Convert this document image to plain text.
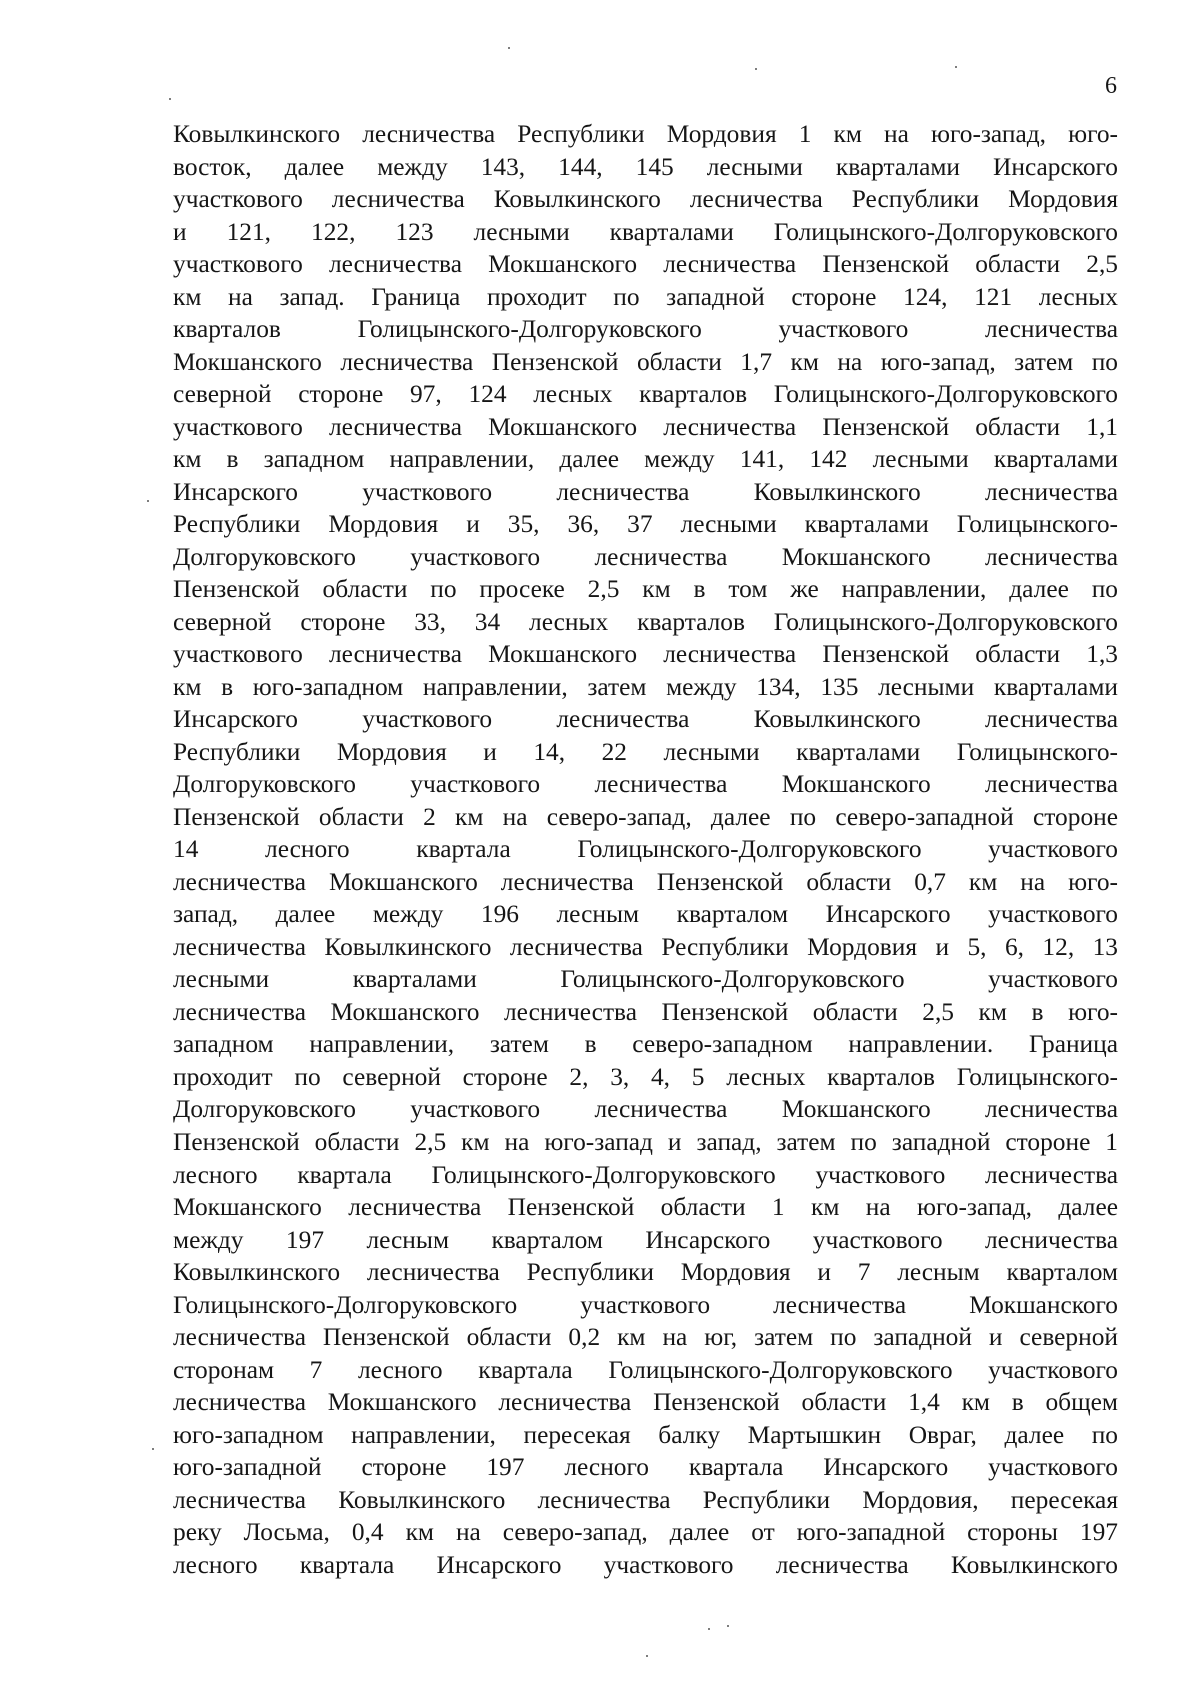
6
Ковылкинского лесничества Республики Мордовия 1 км на юго-запад, юго-
восток, далее между 143, 144, 145 лесными кварталами Инсарского
участкового лесничества Ковылкинского лесничества Республики Мордовия
и 121, 122, 123 лесными кварталами Голицынского-Долгоруковского
участкового лесничества Мокшанского лесничества Пензенской области 2,5
км на запад. Граница проходит по западной стороне 124, 121 лесных
кварталов Голицынского-Долгоруковского участкового лесничества
Мокшанского лесничества Пензенской области 1,7 км на юго-запад, затем по
северной стороне 97, 124 лесных кварталов Голицынского-Долгоруковского
участкового лесничества Мокшанского лесничества Пензенской области 1,1
км в западном направлении, далее между 141, 142 лесными кварталами
Инсарского участкового лесничества Ковылкинского лесничества
Республики Мордовия и 35, 36, 37 лесными кварталами Голицынского-
Долгоруковского участкового лесничества Мокшанского лесничества
Пензенской области по просеке 2,5 км в том же направлении, далее по
северной стороне 33, 34 лесных кварталов Голицынского-Долгоруковского
участкового лесничества Мокшанского лесничества Пензенской области 1,3
км в юго-западном направлении, затем между 134, 135 лесными кварталами
Инсарского участкового лесничества Ковылкинского лесничества
Республики Мордовия и 14, 22 лесными кварталами Голицынского-
Долгоруковского участкового лесничества Мокшанского лесничества
Пензенской области 2 км на северо-запад, далее по северо-западной стороне
14 лесного квартала Голицынского-Долгоруковского участкового
лесничества Мокшанского лесничества Пензенской области 0,7 км на юго-
запад, далее между 196 лесным кварталом Инсарского участкового
лесничества Ковылкинского лесничества Республики Мордовия и 5, 6, 12, 13
лесными кварталами Голицынского-Долгоруковского участкового
лесничества Мокшанского лесничества Пензенской области 2,5 км в юго-
западном направлении, затем в северо-западном направлении. Граница
проходит по северной стороне 2, 3, 4, 5 лесных кварталов Голицынского-
Долгоруковского участкового лесничества Мокшанского лесничества
Пензенской области 2,5 км на юго-запад и запад, затем по западной стороне 1
лесного квартала Голицынского-Долгоруковского участкового лесничества
Мокшанского лесничества Пензенской области 1 км на юго-запад, далее
между 197 лесным кварталом Инсарского участкового лесничества
Ковылкинского лесничества Республики Мордовия и 7 лесным кварталом
Голицынского-Долгоруковского участкового лесничества Мокшанского
лесничества Пензенской области 0,2 км на юг, затем по западной и северной
сторонам 7 лесного квартала Голицынского-Долгоруковского участкового
лесничества Мокшанского лесничества Пензенской области 1,4 км в общем
юго-западном направлении, пересекая балку Мартышкин Овраг, далее по
юго-западной стороне 197 лесного квартала Инсарского участкового
лесничества Ковылкинского лесничества Республики Мордовия, пересекая
реку Лосьма, 0,4 км на северо-запад, далее от юго-западной стороны 197
лесного квартала Инсарского участкового лесничества Ковылкинского
